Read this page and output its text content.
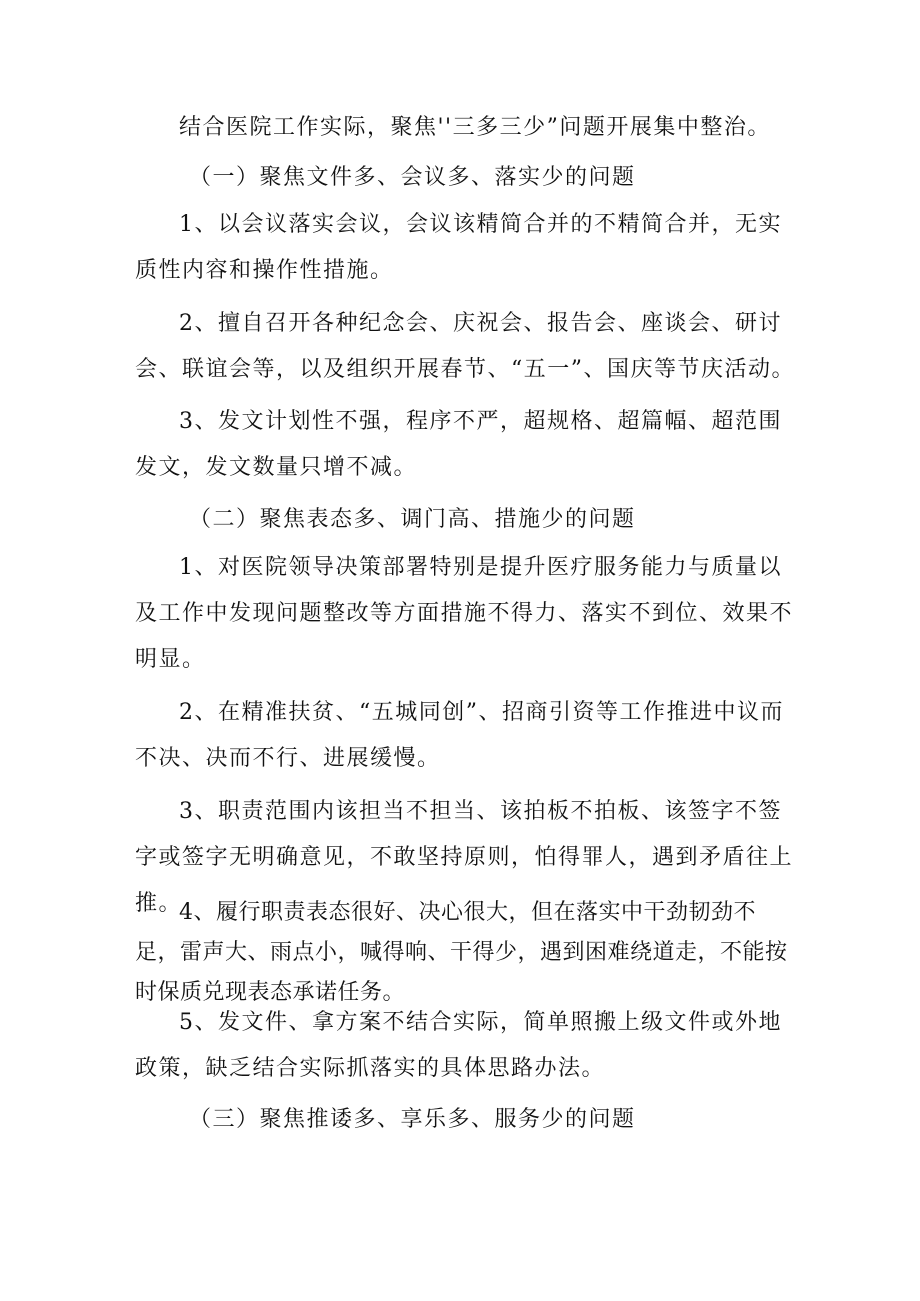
结合医院工作实际，聚焦''三多三少”问题开展集中整治。

（一）聚焦文件多、会议多、落实少的问题

1、以会议落实会议，会议该精简合并的不精简合并，无实质性内容和操作性措施。

2、擅自召开各种纪念会、庆祝会、报告会、座谈会、研讨会、联谊会等，以及组织开展春节、“五一”、国庆等节庆活动。

3、发文计划性不强，程序不严，超规格、超篇幅、超范围发文，发文数量只增不减。

（二）聚焦表态多、调门高、措施少的问题

1、对医院领导决策部署特别是提升医疗服务能力与质量以及工作中发现问题整改等方面措施不得力、落实不到位、效果不明显。

2、在精准扶贫、“五城同创”、招商引资等工作推进中议而不决、决而不行、进展缓慢。

3、职责范围内该担当不担当、该拍板不拍板、该签字不签字或签字无明确意见，不敢坚持原则，怕得罪人，遇到矛盾往上推。

4、履行职责表态很好、决心很大，但在落实中干劲韧劲不足，雷声大、雨点小，喊得响、干得少，遇到困难绕道走，不能按时保质兑现表态承诺任务。

5、发文件、拿方案不结合实际，简单照搬上级文件或外地政策，缺乏结合实际抓落实的具体思路办法。

（三）聚焦推诿多、享乐多、服务少的问题
